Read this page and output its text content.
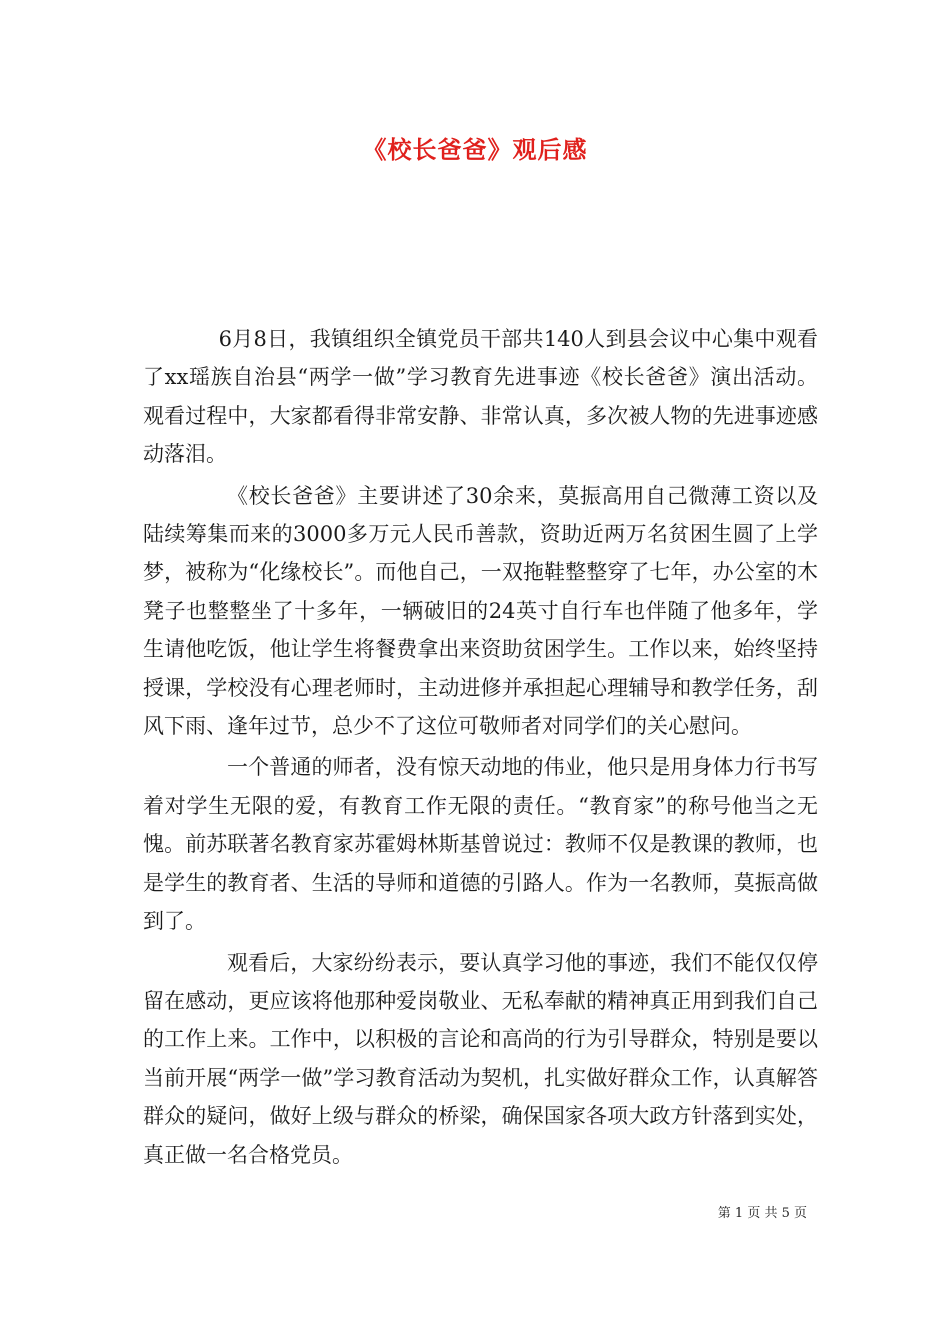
《校长爸爸》观后感

6月8日，我镇组织全镇党员干部共140人到县会议中心集中观看了xx瑶族自治县“两学一做”学习教育先进事迹《校长爸爸》演出活动。观看过程中，大家都看得非常安静、非常认真，多次被人物的先进事迹感动落泪。

《校长爸爸》主要讲述了30余来，莫振高用自己微薄工资以及陆续筹集而来的3000多万元人民币善款，资助近两万名贫困生圆了上学梦，被称为“化缘校长”。而他自己，一双拖鞋整整穿了七年，办公室的木凳子也整整坐了十多年，一辆破旧的24英寸自行车也伴随了他多年，学生请他吃饭，他让学生将餐费拿出来资助贫困学生。工作以来，始终坚持授课，学校没有心理老师时，主动进修并承担起心理辅导和教学任务，刮风下雨、逢年过节，总少不了这位可敬师者对同学们的关心慰问。

一个普通的师者，没有惊天动地的伟业，他只是用身体力行书写着对学生无限的爱，有教育工作无限的责任。“教育家”的称号他当之无愧。前苏联著名教育家苏霍姆林斯基曾说过：教师不仅是教课的教师，也是学生的教育者、生活的导师和道德的引路人。作为一名教师，莫振高做到了。

观看后，大家纷纷表示，要认真学习他的事迹，我们不能仅仅停留在感动，更应该将他那种爱岗敬业、无私奉献的精神真正用到我们自己的工作上来。工作中，以积极的言论和高尚的行为引导群众，特别是要以当前开展“两学一做”学习教育活动为契机，扎实做好群众工作，认真解答群众的疑问，做好上级与群众的桥梁，确保国家各项大政方针落到实处，真正做一名合格党员。

第 1 页 共 5 页
